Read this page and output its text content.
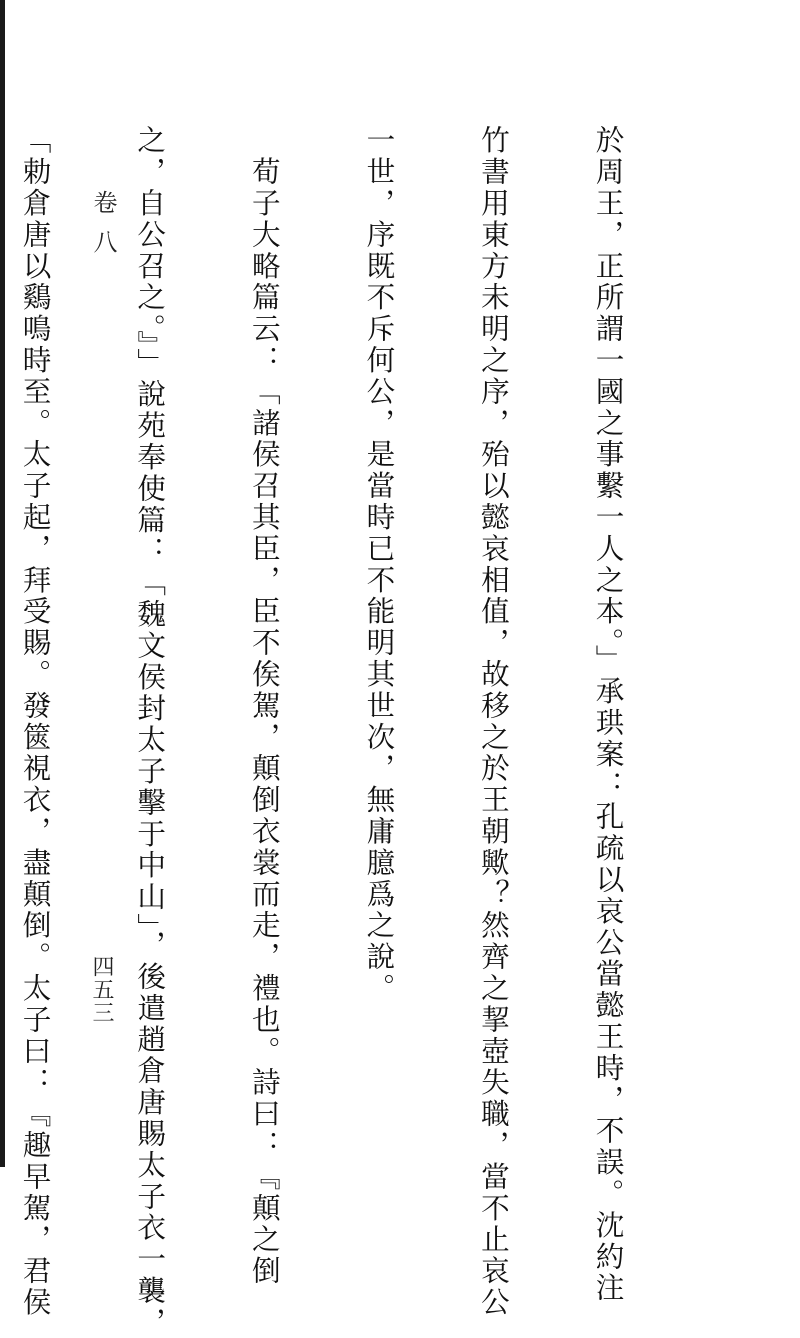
卷 八

	於周王，正所謂一國之事繫一人之本。」承珙案：孔疏以哀公當懿王時，不誤。沈約注

竹書用東方未明之序，殆以懿哀相值，故移之於王朝歟？然齊之挈壺失職，當不止哀公

一世，序既不斥何公，是當時已不能明其世次，無庸臆爲之說。

　荀子大略篇云：「諸侯召其臣，臣不俟駕，顛倒衣裳而走，禮也。詩曰：『顛之倒

之，自公召之。』」說苑奉使篇：「魏文侯封太子擊于中山」，後遣趙倉唐賜太子衣一襲，

「勅倉唐以鷄鳴時至。太子起，拜受賜。發篋視衣，盡顛倒。太子曰：『趣早駕，君侯

四五三
